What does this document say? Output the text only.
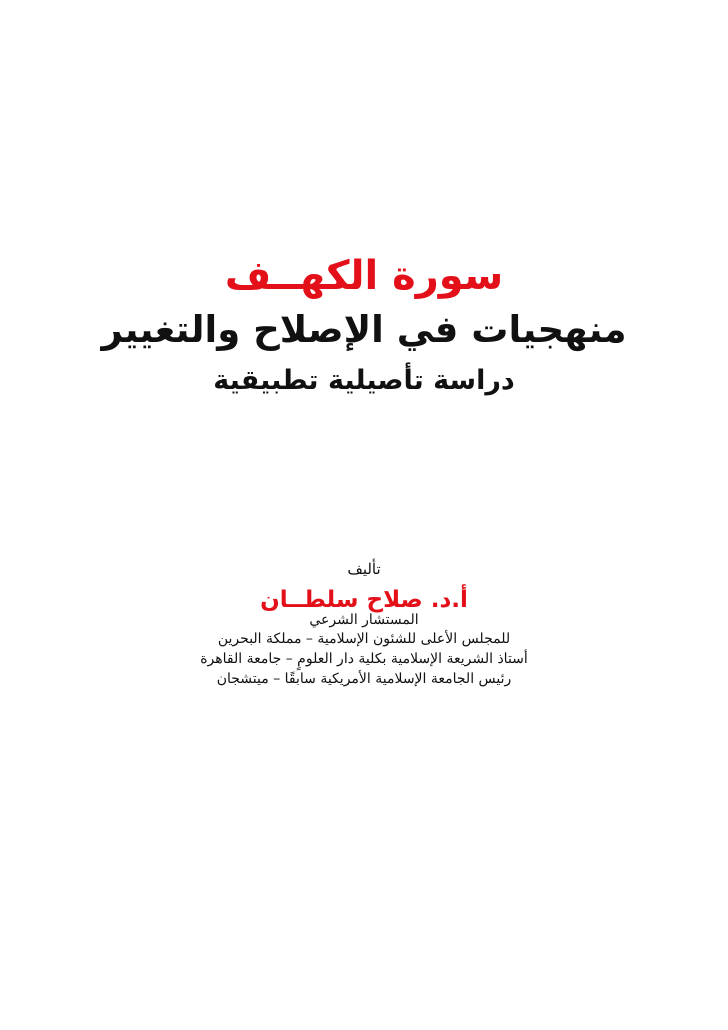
سورة الكهــف
منهجيات في الإصلاح والتغيير
دراسة تأصيلية تطبيقية
تأليف
أ.د. صلاح سلطــان
المستشار الشرعي
للمجلس الأعلى للشئون الإسلامية – مملكة البحرين
أستاذ الشريعة الإسلامية بكلية دار العلومٍ – جامعة القاهرة
رئيس الجامعة الإسلامية الأمريكية سابقًا – ميتشجان
